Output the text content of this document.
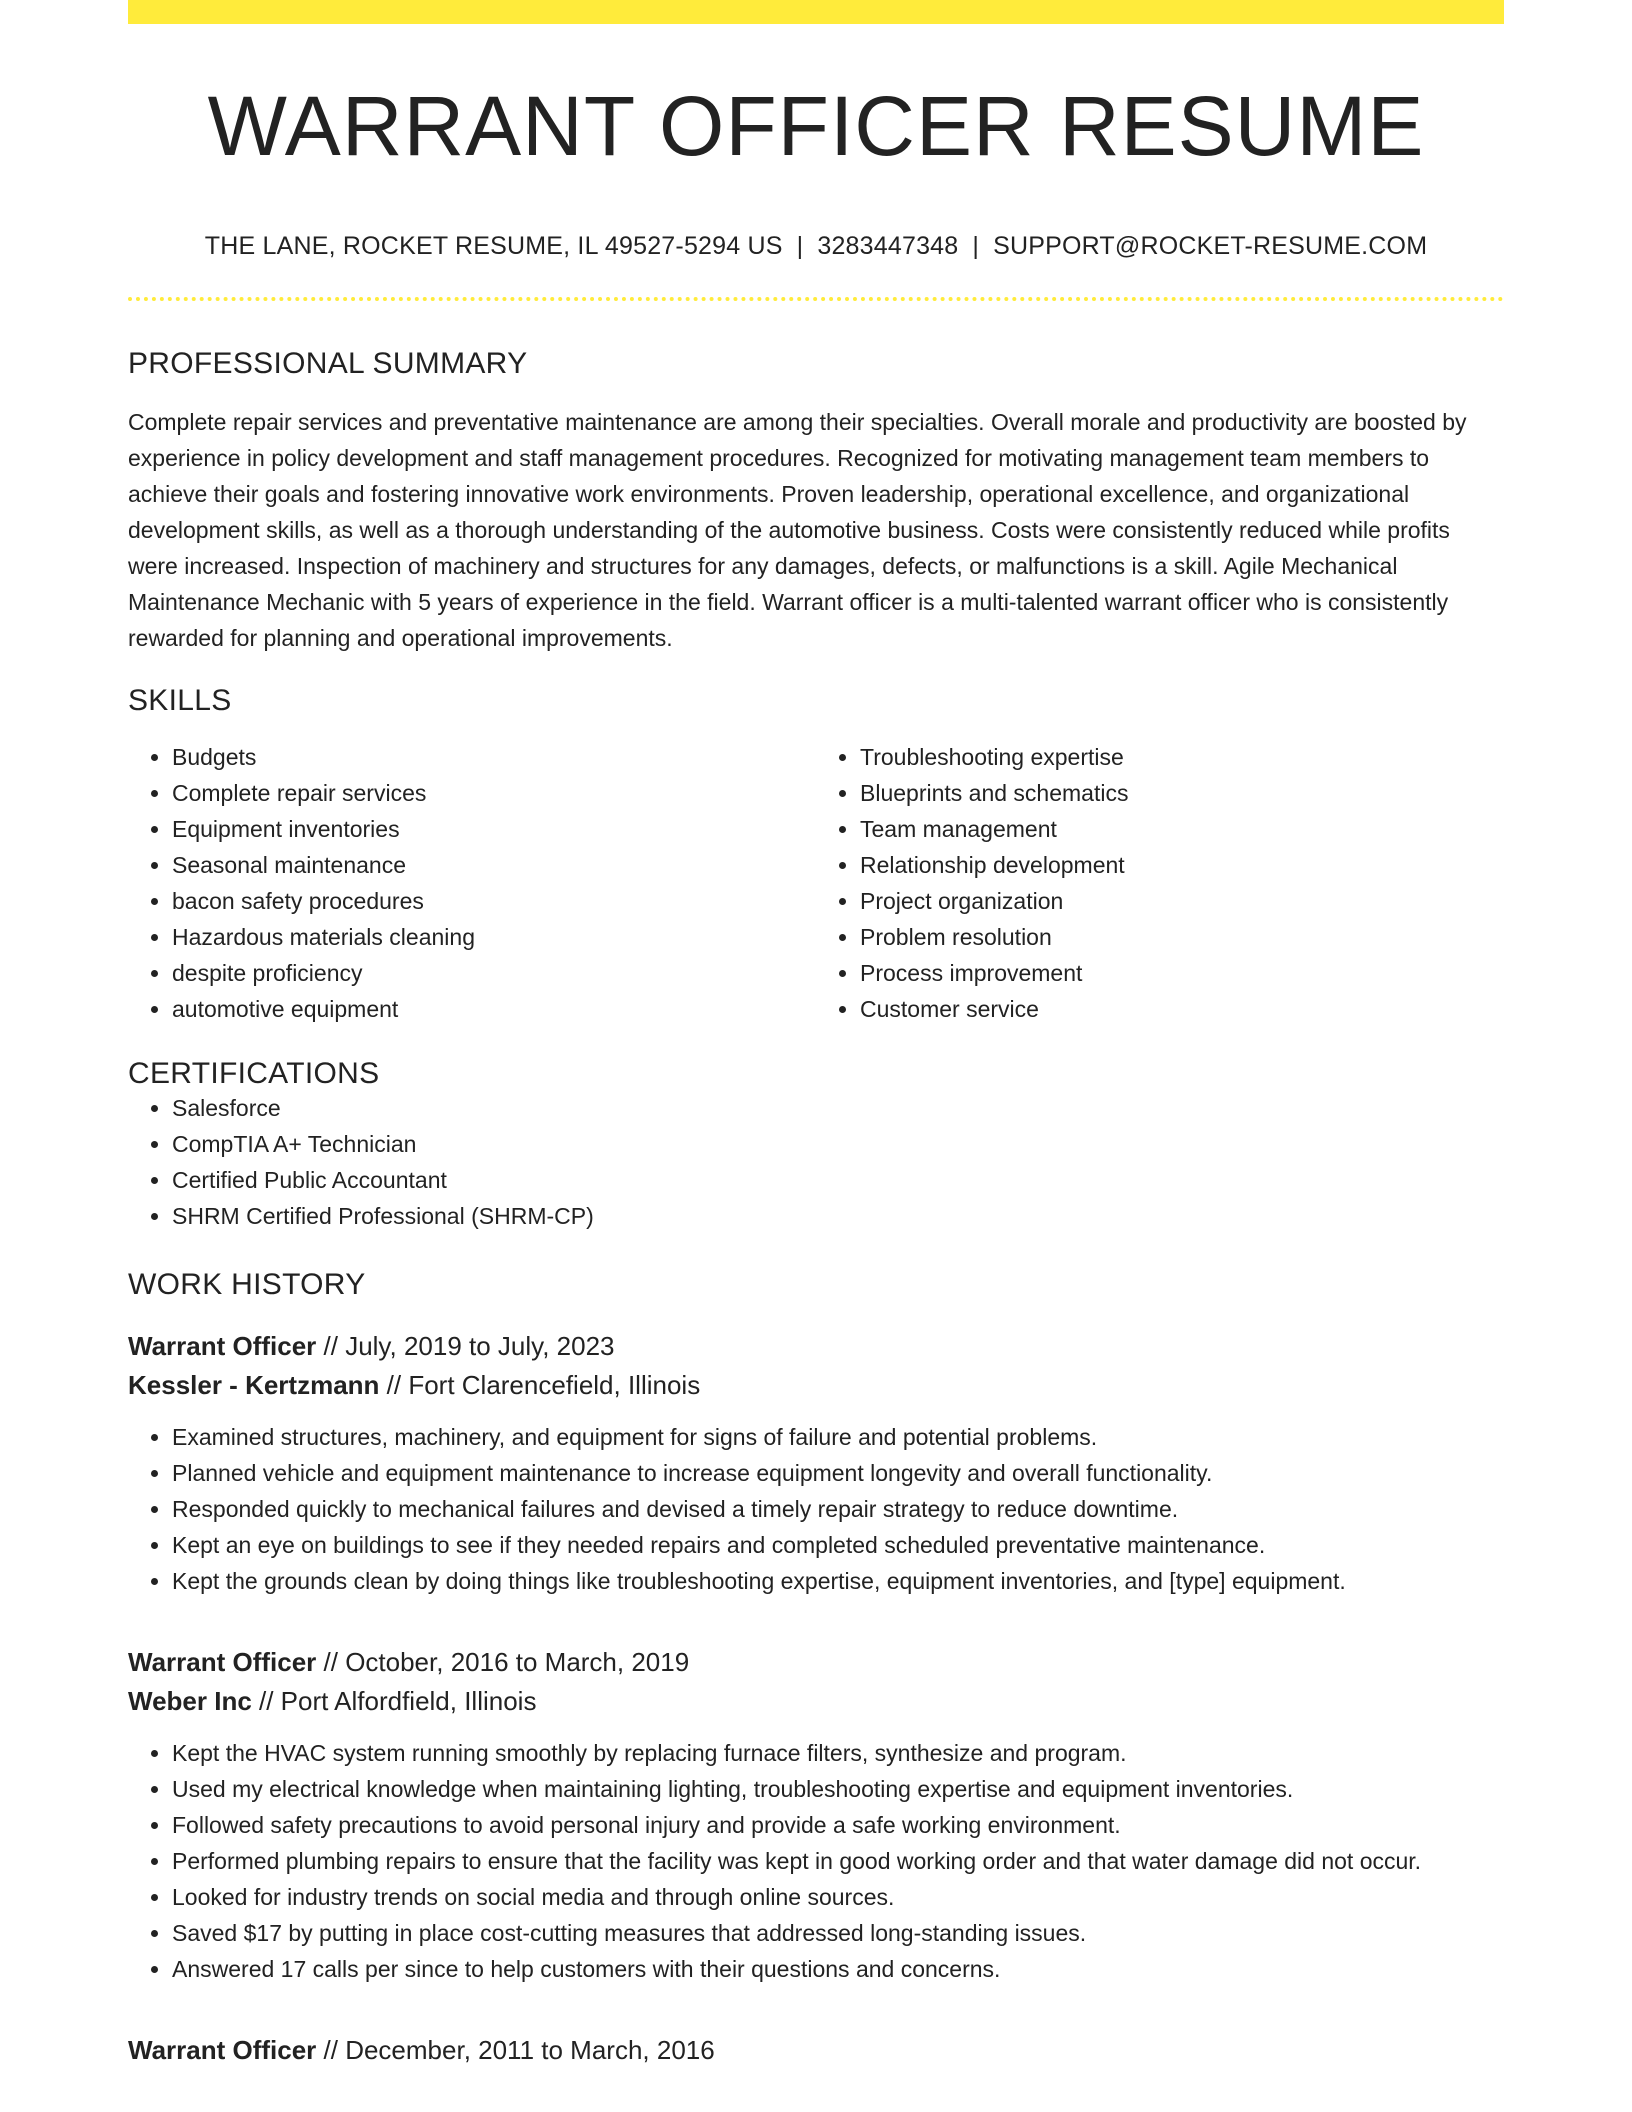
WARRANT OFFICER RESUME
THE LANE, ROCKET RESUME, IL 49527-5294 US | 3283447348 | SUPPORT@ROCKET-RESUME.COM
PROFESSIONAL SUMMARY

Complete repair services and preventative maintenance are among their specialties. Overall morale and productivity are boosted by experience in policy development and staff management procedures. Recognized for motivating management team members to achieve their goals and fostering innovative work environments. Proven leadership, operational excellence, and organizational development skills, as well as a thorough understanding of the automotive business. Costs were consistently reduced while profits were increased. Inspection of machinery and structures for any damages, defects, or malfunctions is a skill. Agile Mechanical Maintenance Mechanic with 5 years of experience in the field. Warrant officer is a multi-talented warrant officer who is consistently rewarded for planning and operational improvements.

SKILLS
• Budgets
• Complete repair services
• Equipment inventories
• Seasonal maintenance
• bacon safety procedures
• Hazardous materials cleaning
• despite proficiency
• automotive equipment
• Troubleshooting expertise
• Blueprints and schematics
• Team management
• Relationship development
• Project organization
• Problem resolution
• Process improvement
• Customer service
CERTIFICATIONS
• Salesforce
• CompTIA A+ Technician
• Certified Public Accountant
• SHRM Certified Professional (SHRM-CP)
WORK HISTORY
Warrant Officer // July, 2019 to July, 2023
Kessler - Kertzmann // Fort Clarencefield, Illinois
• Examined structures, machinery, and equipment for signs of failure and potential problems.
• Planned vehicle and equipment maintenance to increase equipment longevity and overall functionality.
• Responded quickly to mechanical failures and devised a timely repair strategy to reduce downtime.
• Kept an eye on buildings to see if they needed repairs and completed scheduled preventative maintenance.
• Kept the grounds clean by doing things like troubleshooting expertise, equipment inventories, and [type] equipment.
Warrant Officer // October, 2016 to March, 2019
Weber Inc // Port Alfordfield, Illinois
• Kept the HVAC system running smoothly by replacing furnace filters, synthesize and program.
• Used my electrical knowledge when maintaining lighting, troubleshooting expertise and equipment inventories.
• Followed safety precautions to avoid personal injury and provide a safe working environment.
• Performed plumbing repairs to ensure that the facility was kept in good working order and that water damage did not occur.
• Looked for industry trends on social media and through online sources.
• Saved $17 by putting in place cost-cutting measures that addressed long-standing issues.
• Answered 17 calls per since to help customers with their questions and concerns.
Warrant Officer // December, 2011 to March, 2016
